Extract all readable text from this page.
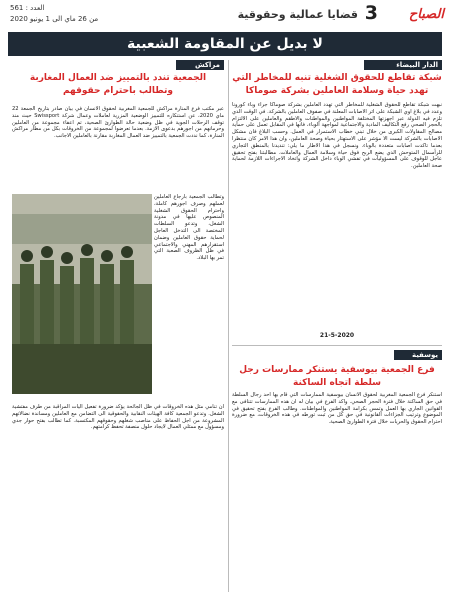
الصباح
3
قضايا عمالية وحقوقية
العدد : 561
من 26 ماي الى 1 يونيو 2020
لا بديل عن المقاومة الشعبية
الدار البيضاء
شبكة تقاطع للحقوق الشغلية تنبه للمخاطر التي تهدد حياة وسلامة العاملين بشركة صوماكا
نبهت شبكة تقاطع للحقوق الشغلية للمخاطر التي تهدد العاملين بشركة صوماكا جراء وباء كورونا وعدد في بلاغ اوي الشبكة على اثر الاصابات المعلنة في صفوف العاملين بالشركة. في الوقت الذي تلزم فيه الدولة عبر اجهزتها المختلفة المواطنين والمواطنات والاطقم والعاملين على الالتزام بالحجر الصحي رفع التكاليف المادية والاجتماعية لمواجهة الوباء، فانها في المقابل تعمل على حماية مصالح المقاولات الكبرى من خلال تبني خطاب الاستمرار في العمل. وحسب البلاغ فان مشكل الاصابات بالشركة ليست الا مؤشر على الاستهتار بحياة وصحة العاملين، وان هذا الامر كان منتظرا بعدما تاكدت اصابات متعددة بالوباء. ونسجل في هذا الاطار ما يلي: تنديدنا بالمنطق التجاري للرأسمال المتوحش الذي يضع الربح فوق حياة وسلامة العمال والعاملات. مطالبتنا بفتح تحقيق عاجل للوقوف على المسؤوليات في تفشي الوباء داخل الشركة واتخاذ الاجراءات اللازمة لحماية صحة العاملين.
21-5-2020
مراكش
الجمعية تندد بالتمييز ضد العمال المغاربة وتطالب باحترام حقوقهم
عبر مكتب فرع المنارة مراكش للجمعية المغربية لحقوق الانسان في بيان صادر بتاريخ الجمعة 22 ماي 2020، عن استنكاره للتمييز الوضعية المزرية لعاملات وعمال شركة Swissport حيث منذ توقف الرحلات الجوية في ظل وضعية حالة الطوارئ الصحية، تم اعفاء مجموعة من العاملين وحرمانهم من اجورهم بدعوى الازمة. بعدما تعرضوا لمجموعة من الخروقات بكل من مطار مراكش المنارة، كما نددت الجمعية بالتمييز ضد العمال المغاربة مقارنة بالعاملين الاجانب.
وتطالب الجمعية بارجاع العاملين لعملهم وصرف اجورهم كاملة، واحترام الحقوق الشغلية المنصوص عليها في مدونة الشغل، وتدعو السلطات المختصة الى التدخل العاجل لحماية حقوق العاملين وضمان استقرارهم المهني والاجتماعي في ظل الظروف الصعبة التي تمر بها البلاد.
ان تنامي مثل هذه الخروقات في ظل الجائحة يؤكد ضرورة تفعيل آليات المراقبة من طرف مفتشية الشغل. وتدعو الجمعية كافة الهيئات النقابية والحقوقية الى التضامن مع العاملين ومساندة نضالاتهم المشروعة من اجل الحفاظ على مناصب شغلهم وحقوقهم المكتسبة. كما تطالب بفتح حوار جدي ومسؤول مع ممثلي العمال لايجاد حلول منصفة تحفظ كرامتهم.
يوسفية
فرع الجمعية بيوسفية يستنكر ممارسات رجل سلطة اتجاه الساكنة
استنكر فرع الجمعية المغربية لحقوق الانسان بيوسفية الممارسات التي قام بها احد رجال السلطة في حق الساكنة خلال فترة الحجر الصحي. واكد الفرع في بيان له ان هذه الممارسات تتنافى مع القوانين الجاري بها العمل وتمس بكرامة المواطنين والمواطنات. وطالب الفرع بفتح تحقيق في الموضوع وترتيب الجزاءات القانونية في حق كل من ثبت تورطه في هذه الخروقات، مع ضرورة احترام الحقوق والحريات خلال فترة الطوارئ الصحية.
